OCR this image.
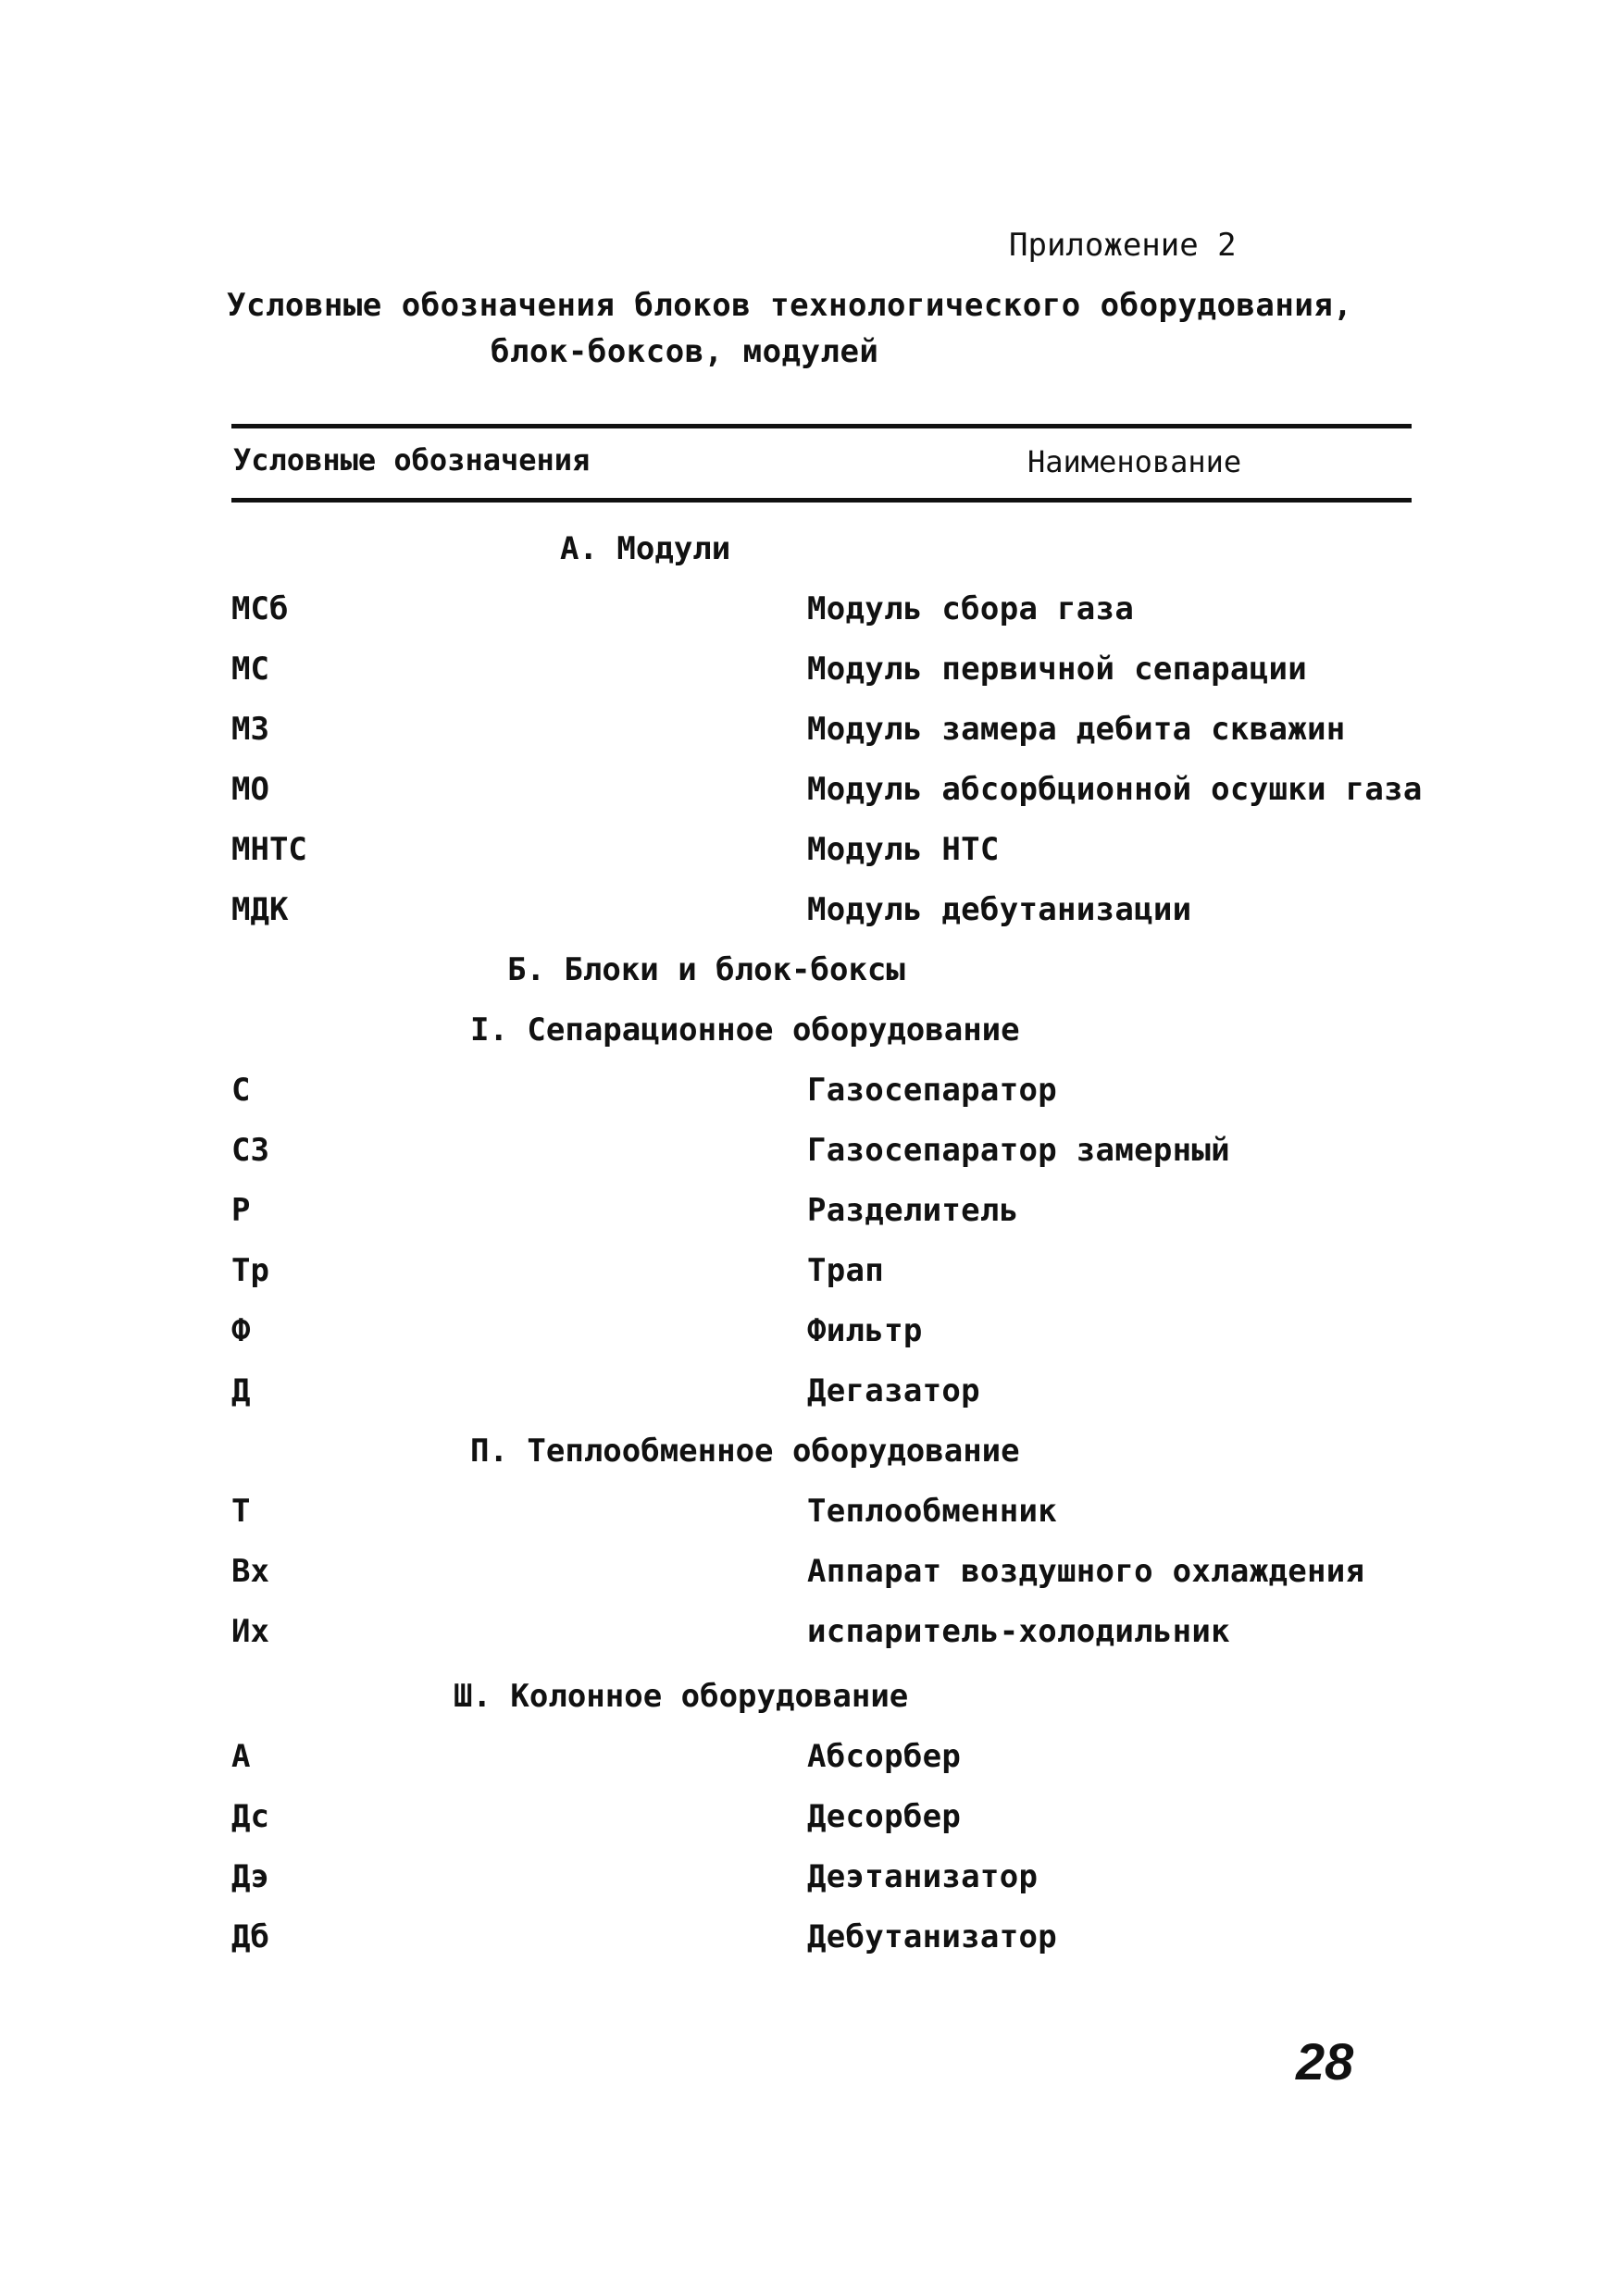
Приложение 2
Условные обозначения блоков технологического оборудования,
блок-боксов, модулей
Условные обозначения	Наименование
А. Модули
МСб	Модуль сбора газа
МС	Модуль первичной сепарации
МЗ	Модуль замера дебита скважин
МО	Модуль абсорбционной осушки газа
МНТС	Модуль НТС
МДК	Модуль дебутанизации
Б. Блоки и блок-боксы
I. Сепарационное оборудование
С	Газосепаратор
СЗ	Газосепаратор замерный
Р	Разделитель
Тр	Трап
Ф	Фильтр
Д	Дегазатор
П. Теплообменное оборудование
Т	Теплообменник
Вх	Аппарат воздушного охлаждения
Их	испаритель-холодильник
Ш. Колонное оборудование
А	Абсорбер
Дс	Десорбер
Дэ	Деэтанизатор
Дб	Дебутанизатор
28
